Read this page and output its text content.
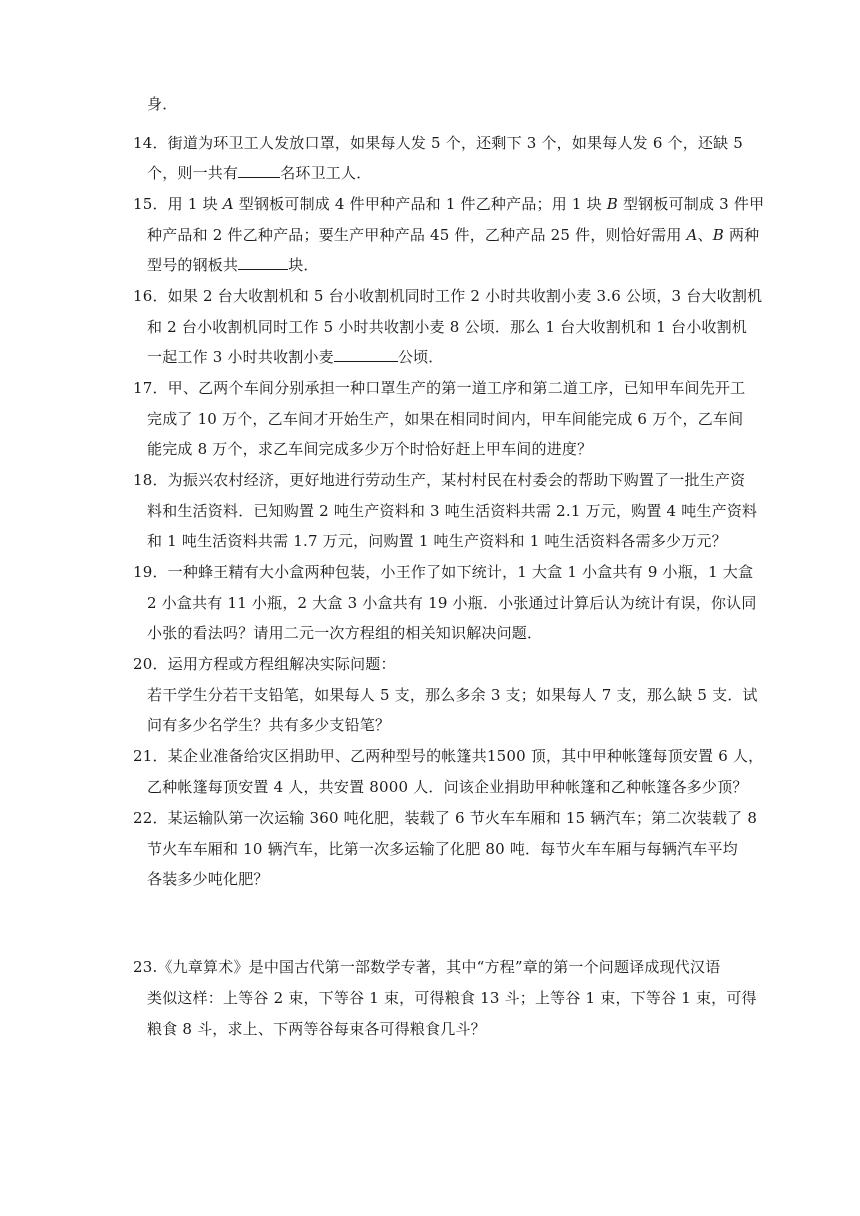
身．
14．街道为环卫工人发放口罩，如果每人发 5 个，还剩下 3 个，如果每人发 6 个，还缺 5
个，则一共有	名环卫工人．
15．用 1 块 A 型钢板可制成 4 件甲种产品和 1 件乙种产品；用 1 块 B 型钢板可制成 3 件甲
种产品和 2 件乙种产品；要生产甲种产品 45 件，乙种产品 25 件，则恰好需用 A、B 两种
型号的钢板共	块．
16．如果 2 台大收割机和 5 台小收割机同时工作 2 小时共收割小麦 3.6 公顷，3 台大收割机
和 2 台小收割机同时工作 5 小时共收割小麦 8 公顷．那么 1 台大收割机和 1 台小收割机
一起工作 3 小时共收割小麦	公顷．
17．甲、乙两个车间分别承担一种口罩生产的第一道工序和第二道工序，已知甲车间先开工
完成了 10 万个，乙车间才开始生产，如果在相同时间内，甲车间能完成 6 万个，乙车间
能完成 8 万个，求乙车间完成多少万个时恰好赶上甲车间的进度？
18．为振兴农村经济，更好地进行劳动生产，某村村民在村委会的帮助下购置了一批生产资
料和生活资料．已知购置 2 吨生产资料和 3 吨生活资料共需 2.1 万元，购置 4 吨生产资料
和 1 吨生活资料共需 1.7 万元，问购置 1 吨生产资料和 1 吨生活资料各需多少万元？
19．一种蜂王精有大小盒两种包装，小王作了如下统计，1 大盒 1 小盒共有 9 小瓶，1 大盒
2 小盒共有 11 小瓶，2 大盒 3 小盒共有 19 小瓶．小张通过计算后认为统计有误，你认同
小张的看法吗？请用二元一次方程组的相关知识解决问题．
20．运用方程或方程组解决实际问题：
若干学生分若干支铅笔，如果每人 5 支，那么多余 3 支；如果每人 7 支，那么缺 5 支．试
问有多少名学生？共有多少支铅笔？
21．某企业准备给灾区捐助甲、乙两种型号的帐篷共1500 顶，其中甲种帐篷每顶安置 6 人，
乙种帐篷每顶安置 4 人，共安置 8000 人．问该企业捐助甲种帐篷和乙种帐篷各多少顶？
22．某运输队第一次运输 360 吨化肥，装载了 6 节火车车厢和 15 辆汽车；第二次装载了 8
节火车车厢和 10 辆汽车，比第一次多运输了化肥 80 吨．每节火车车厢与每辆汽车平均
各装多少吨化肥？
23.《九章算术》是中国古代第一部数学专著，其中“方程”章的第一个问题译成现代汉语
类似这样：上等谷 2 束，下等谷 1 束，可得粮食 13 斗；上等谷 1 束，下等谷 1 束，可得
粮食 8 斗，求上、下两等谷每束各可得粮食几斗？
